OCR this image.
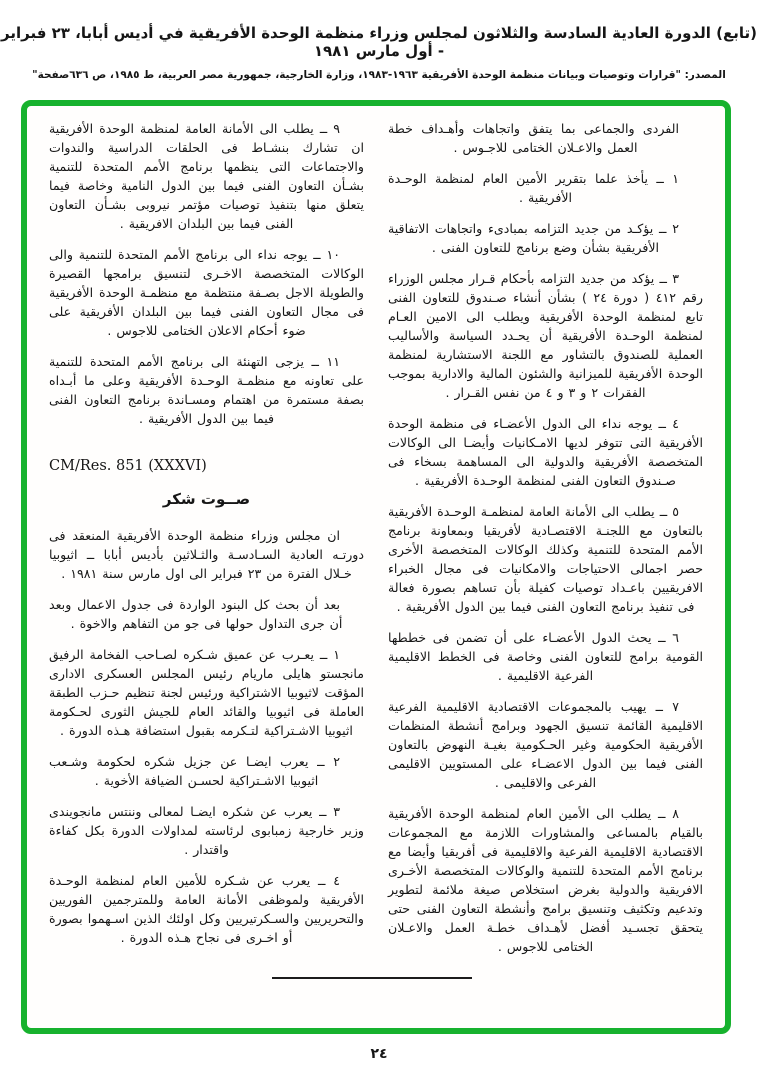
(تابع) الدورة العادية السادسة والثلاثون لمجلس وزراء منظمة الوحدة الأفريقية في أديس أبابا، ٢٣ فبراير - أول مارس ١٩٨١
المصدر: "قرارات وتوصيات وبيانات منظمة الوحدة الأفريقية ١٩٦٣-١٩٨٣، وزارة الخارجية، جمهورية مصر العربية، ط ١٩٨٥، ص ٦٣٦صفحة"
الفردى والجماعى بما يتفق واتجاهات وأهـداف خطة العمل والاعـلان الختامى للاجـوس .
١ ــ يأخذ علما بتقرير الأمين العام لمنظمة الوحـدة الأفريقية .
٢ ــ يؤكـد من جديد التزامه بمبادىء واتجاهات الاتفاقية الأفريقية بشأن وضع برنامج للتعاون الفنى .
٣ ــ يؤكد من جديد التزامه بأحكام قـرار مجلس الوزراء رقم ٤١٢ ( دورة ٢٤ ) بشأن أنشاء صـندوق للتعاون الفنى تابع لمنظمة الوحدة الأفريقية ويطلب الى الامين العـام لمنظمة الوحـدة الأفريقية أن يحـدد السياسة والأساليب العملية للصندوق بالتشاور مع اللجنة الاستشارية لمنظمة الوحدة الأفريقية للميزانية والشئون المالية والادارية بموجب الفقرات ٢ و ٣ و ٤ من نفس القـرار .
٤ ــ يوجه نداء الى الدول الأعضـاء فى منظمة الوحدة الأفريقية التى تتوفر لديها الامـكانيات وأيضـا الى الوكالات المتخصصة الأفريقية والدولية الى المساهمة بسخاء فى صـندوق التعاون الفنى لمنظمة الوحـدة الأفريقية .
٥ ــ يطلب الى الأمانة العامة لمنظمـة الوحـدة الأفريقية بالتعاون مع اللجنـة الاقتصـادية لأفريقيا وبمعاونة برنامج الأمم المتحدة للتنمية وكذلك الوكالات المتخصصة الأخرى حصر اجمالى الاحتياجات والامكانيات فى مجال الخبراء الافريقيين باعـداد توصيات كفيلة بأن تساهم بصورة فعالة فى تنفيذ برنامج التعاون الفنى فيما بين الدول الأفريقية .
٦ ــ يحث الدول الأعضـاء على أن تضمن فى خططها القومية برامج للتعاون الفنى وخاصة فى الخطط الاقليمية الفرعية الاقليمية .
٧ ــ يهيب بالمجموعات الاقتصادية الاقليمية الفرعية الاقليمية القائمة تنسيق الجهود وبرامج أنشطة المنظمات الأفريقية الحكومية وغير الحـكومية بغيـة النهوض بالتعاون الفنى فيما بين الدول الاعضـاء على المستويين الاقليمى الفرعى والاقليمى .
٨ ــ يطلب الى الأمين العام لمنظمة الوحدة الأفريقية بالقيام بالمساعى والمشاورات اللازمة مع المجموعات الاقتصادية الاقليمية الفرعية والاقليمية فى أفريقيا وأيضا مع برنامج الأمم المتحدة للتنمية والوكالات المتخصصة الأخـرى الافريقية والدولية بغرض استخلاص صيغة ملائمة لتطوير وتدعيم وتكثيف وتنسيق برامج وأنشطة التعاون الفنى حتى يتحقق تجسـيد أفضل لأهـداف خطـة العمل والاعـلان الختامى للاجوس .
٩ ــ يطلب الى الأمانة العامة لمنظمة الوحدة الأفريقية ان تشارك بنشـاط فى الحلقات الدراسية والندوات والاجتماعات التى ينظمها برنامج الأمم المتحدة للتنمية بشـأن التعاون الفنى فيما بين الدول النامية وخاصة فيما يتعلق منها بتنفيذ توصيات مؤتمر نيروبى بشـأن التعاون الفنى فيما بين البلدان الافريقية .
١٠ ــ يوجه نداء الى برنامج الأمم المتحدة للتنمية والى الوكالات المتخصصة الاخـرى لتنسيق برامجها القصيرة والطويلة الاجل بصـفة منتظمة مع منظمـة الوحدة الأفريقية فى مجال التعاون الفنى فيما بين البلدان الأفريقية على ضوء أحكام الاعلان الختامى للاجوس .
١١ ــ يزجى التهنئة الى برنامج الأمم المتحدة للتنمية على تعاونه مع منظمـة الوحـدة الأفريقية وعلى ما أبـداه بصفة مستمرة من اهتمام ومسـاندة برنامج التعاون الفنى فيما بين الدول الأفريقية .
CM/Res. 851 (XXXVI)
صــوت شكر
ان مجلس وزراء منظمة الوحدة الأفريقية المنعقد فى دورتـه العادية السـادسـة والثـلاثين بأديس أبابا ــ اثيوبيا خـلال الفترة من ٢٣ فبراير الى اول مارس سنة ١٩٨١ .
بعد أن بحث كل البنود الواردة فى جدول الاعمال وبعد أن جرى التداول حولها فى جو من التفاهم والاخوة .
١ ــ يعـرب عن عميق شـكره لصـاحب الفخامة الرفيق مانجستو هايلى ماريام رئيس المجلس العسكرى الادارى المؤقت لاثيوبيا الاشتراكية ورئيس لجنة تنظيم حـزب الطبقة العاملة فى اثيوبيا والقائد العام للجيش الثورى لحـكومة اثيوبيا الاشـتراكية لتـكرمه بقبول استضافة هـذه الدورة .
٢ ــ يعرب ايضـا عن جزيل شكره لحكومة وشـعب اثيوبيا الاشـتراكية لحسـن الضيافة الأخوية .
٣ ــ يعرب عن شكره ايضـا لمعالى وننتس مانجويندى وزير خارجية زمبابوى لرئاسته لمداولات الدورة بكل كفاءة واقتدار .
٤ ــ يعرب عن شـكره للأمين العام لمنظمة الوحـدة الأفريقية ولموظفى الأمانة العامة وللمترجمين الفوريين والتحريريين والسـكرتيريين وكل اولئك الذين اسـهموا بصورة أو اخـرى فى نجاح هـذه الدورة .
٢٤
